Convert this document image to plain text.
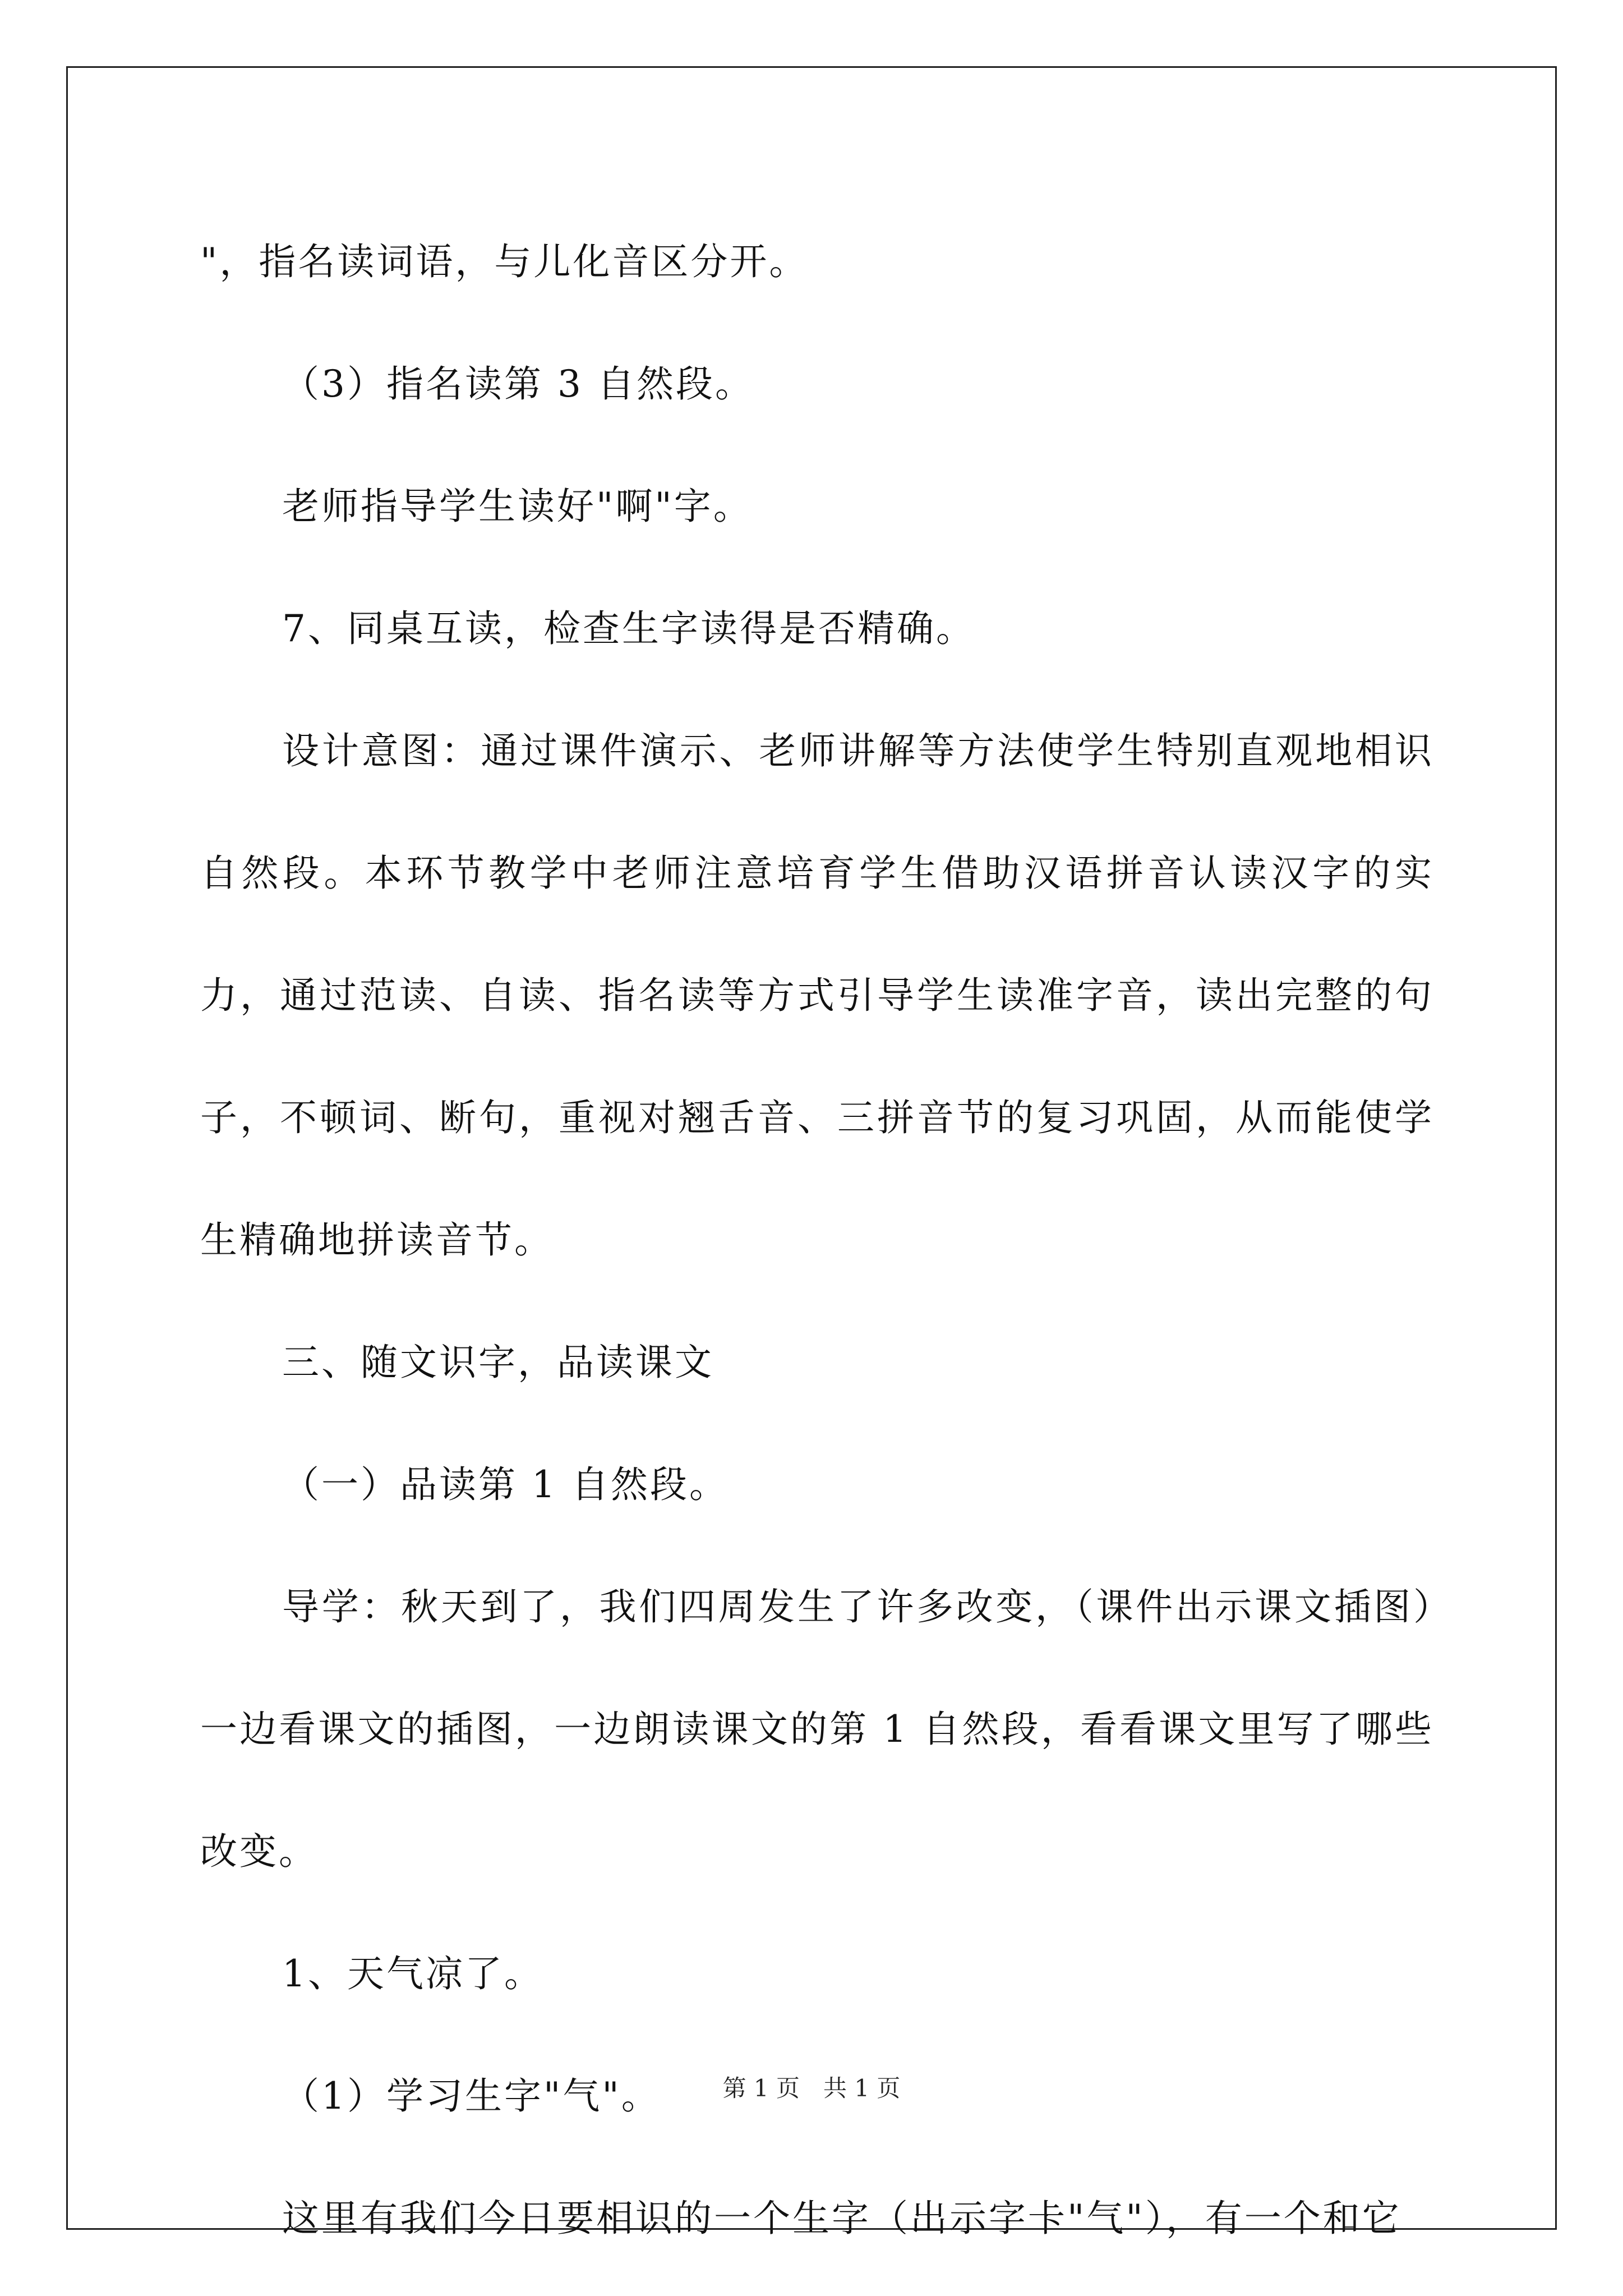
"，指名读词语，与儿化音区分开。

（3）指名读第 3 自然段。

老师指导学生读好"啊"字。

7、同桌互读，检查生字读得是否精确。

设计意图：通过课件演示、老师讲解等方法使学生特别直观地相识自然段。本环节教学中老师注意培育学生借助汉语拼音认读汉字的实力，通过范读、自读、指名读等方式引导学生读准字音，读出完整的句子，不顿词、断句，重视对翘舌音、三拼音节的复习巩固，从而能使学生精确地拼读音节。

三、随文识字，品读课文

（一）品读第 1 自然段。

导学：秋天到了，我们四周发生了许多改变，（课件出示课文插图）一边看课文的插图，一边朗读课文的第 1 自然段，看看课文里写了哪些改变。

1、天气凉了。

（1）学习生字"气"。

这里有我们今日要相识的一个生字（出示字卡"气"），有一个和它

第 1 页　共 1 页
